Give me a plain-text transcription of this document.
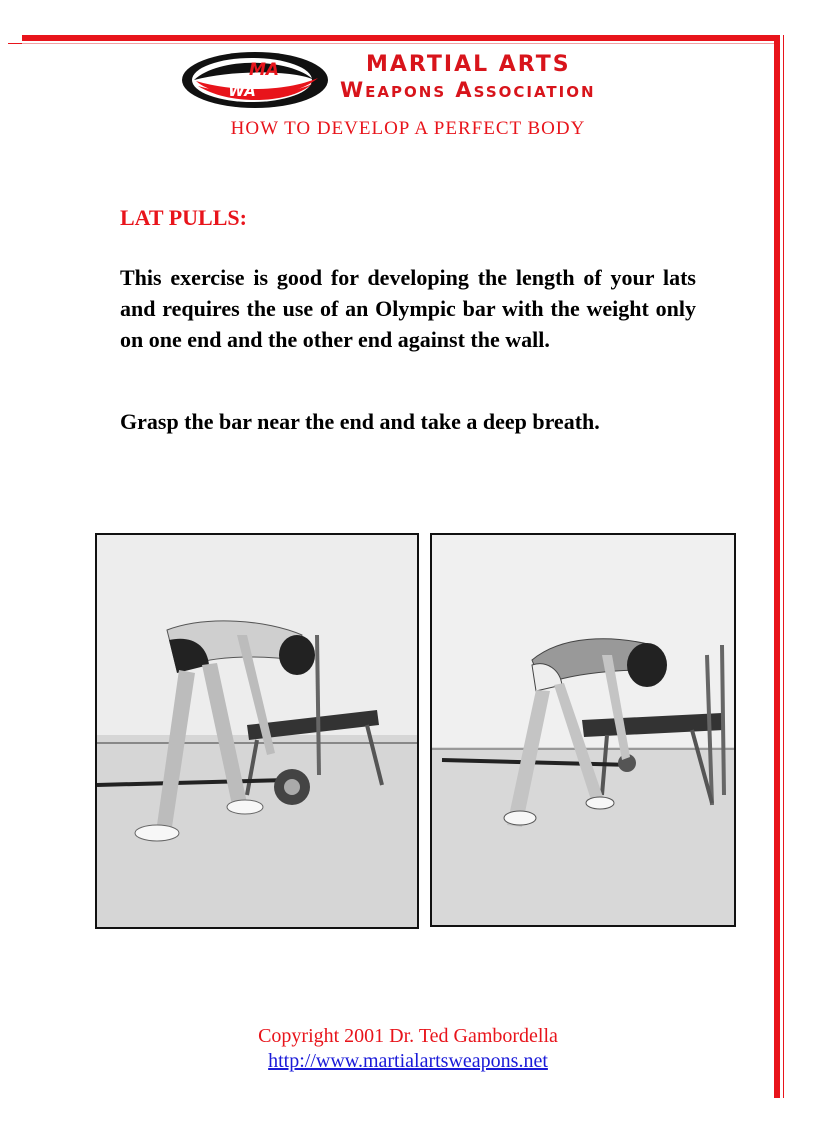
MA
WA
MARTIAL ARTS
Weapons Association
HOW TO DEVELOP A PERFECT BODY
LAT PULLS:

This exercise is good for developing the length of your lats and requires the use of an Olympic bar with the weight only on one end and the other end against the wall.

Grasp the bar near the end and take a deep breath.

Copyright 2001 Dr. Ted Gambordella
http://www.martialartsweapons.net
